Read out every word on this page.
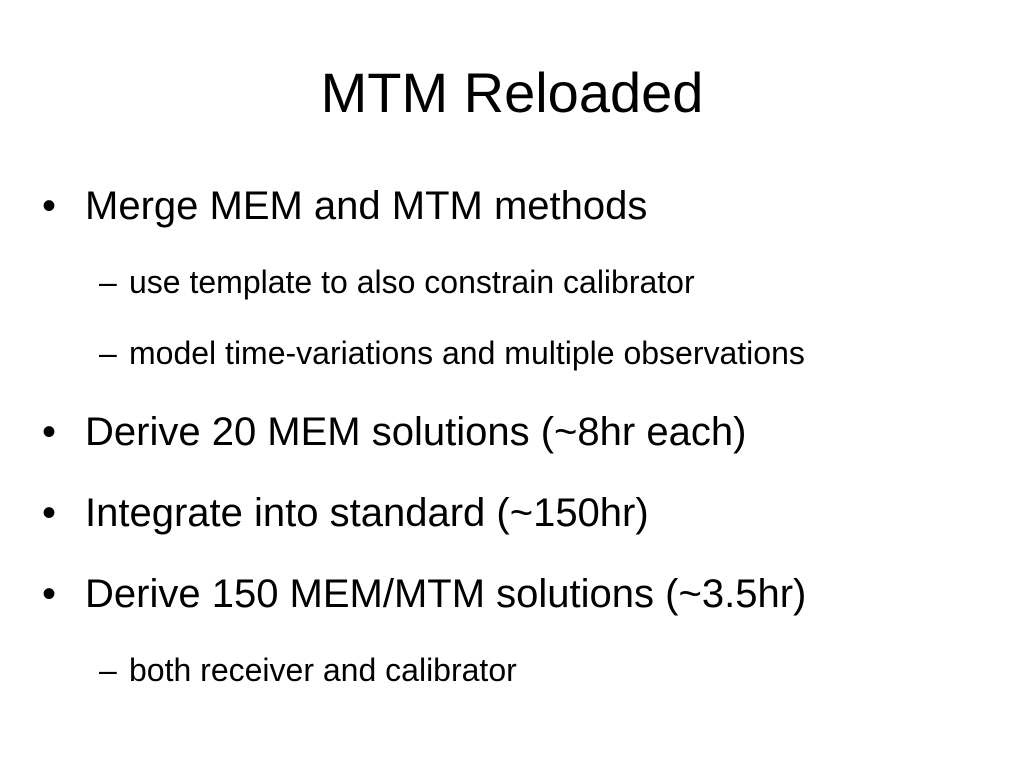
MTM Reloaded
• Merge MEM and MTM methods
– use template to also constrain calibrator
– model time-variations and multiple observations
• Derive 20 MEM solutions (~8hr each)
• Integrate into standard (~150hr)
• Derive 150 MEM/MTM solutions (~3.5hr)
– both receiver and calibrator
